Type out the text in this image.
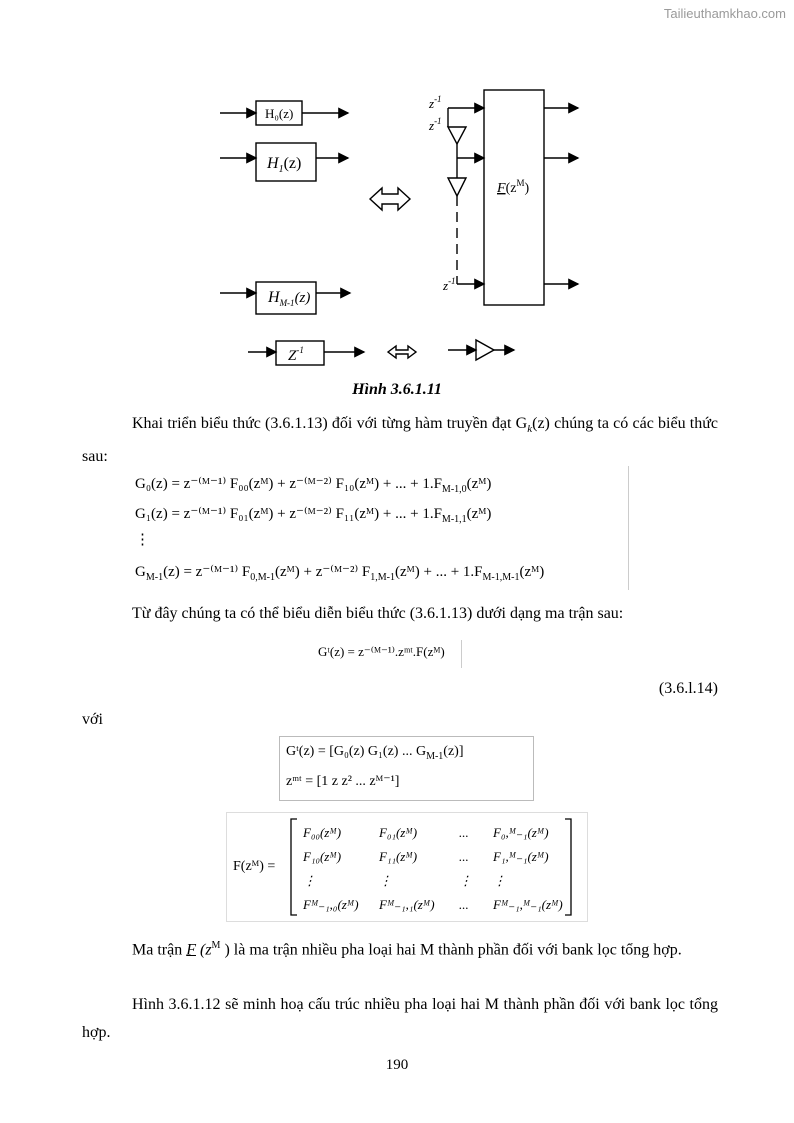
Tailieuthamkhao.com
H₀(z)
$H_1(z)$
$H_{M-1}(z)$
$F(z^M)$
$z^{-1}$
$z^{-1}$
$z^{-1}$
$Z^{-1}$
Hình 3.6.1.11
Khai triển biểu thức (3.6.1.13) đối với từng hàm truyền đạt $G_k(z)$ chúng ta có các biểu thức sau:
G₀(z) = z⁻⁽ᴹ⁻¹⁾ F₀₀(zᴹ) + z⁻⁽ᴹ⁻²⁾ F₁₀(zᴹ) + ... + $1.F_{M-1,0}(zᴹ)$
G₁(z) = z⁻⁽ᴹ⁻¹⁾ F₀₁(zᴹ) + z⁻⁽ᴹ⁻²⁾ F₁₁(zᴹ) + ... + $1.F_{M-1,1}(zᴹ)$
⋮
$G_{M-1}(z)$ = z⁻⁽ᴹ⁻¹⁾ $F_{0,M-1}(zᴹ)$ + z⁻⁽ᴹ⁻²⁾ $F_{1,M-1}(zᴹ)$ + ... + $1.F_{M-1,M-1}(zᴹ)$
Từ đây chúng ta có thể biểu diễn biểu thức (3.6.1.13) dưới dạng ma trận sau:
Gᵗ(z) = z⁻⁽ᴹ⁻¹⁾.zᵐᵗ.F(zᴹ)
(3.6.l.14)
với
Gᵗ(z) = [G₀(z) G₁(z) ... $G_{M-1}(z)$]
zᵐᵗ = [1 z z² ... zᴹ⁻¹]
F(zᴹ) =
F₀₀(zᴹ)	F₀₁(zᴹ)	... F₀,ᴹ₋₁(zᴹ)
F₁₀(zᴹ)	F₁₁(zᴹ)	... F₁,ᴹ₋₁(zᴹ)
⋮	⋮	⋮ ⋮
Fᴹ₋₁,₀(zᴹ) Fᴹ₋₁,₁(zᴹ) ... Fᴹ₋₁,ᴹ₋₁(zᴹ)
Ma trận F ($z^M$ ) là ma trận nhiều pha loại hai M thành phần đối với bank lọc tổng hợp.
Hình 3.6.1.12 sẽ minh hoạ cấu trúc nhiều pha loại hai M thành phần đối với bank lọc tổng hợp.
190
